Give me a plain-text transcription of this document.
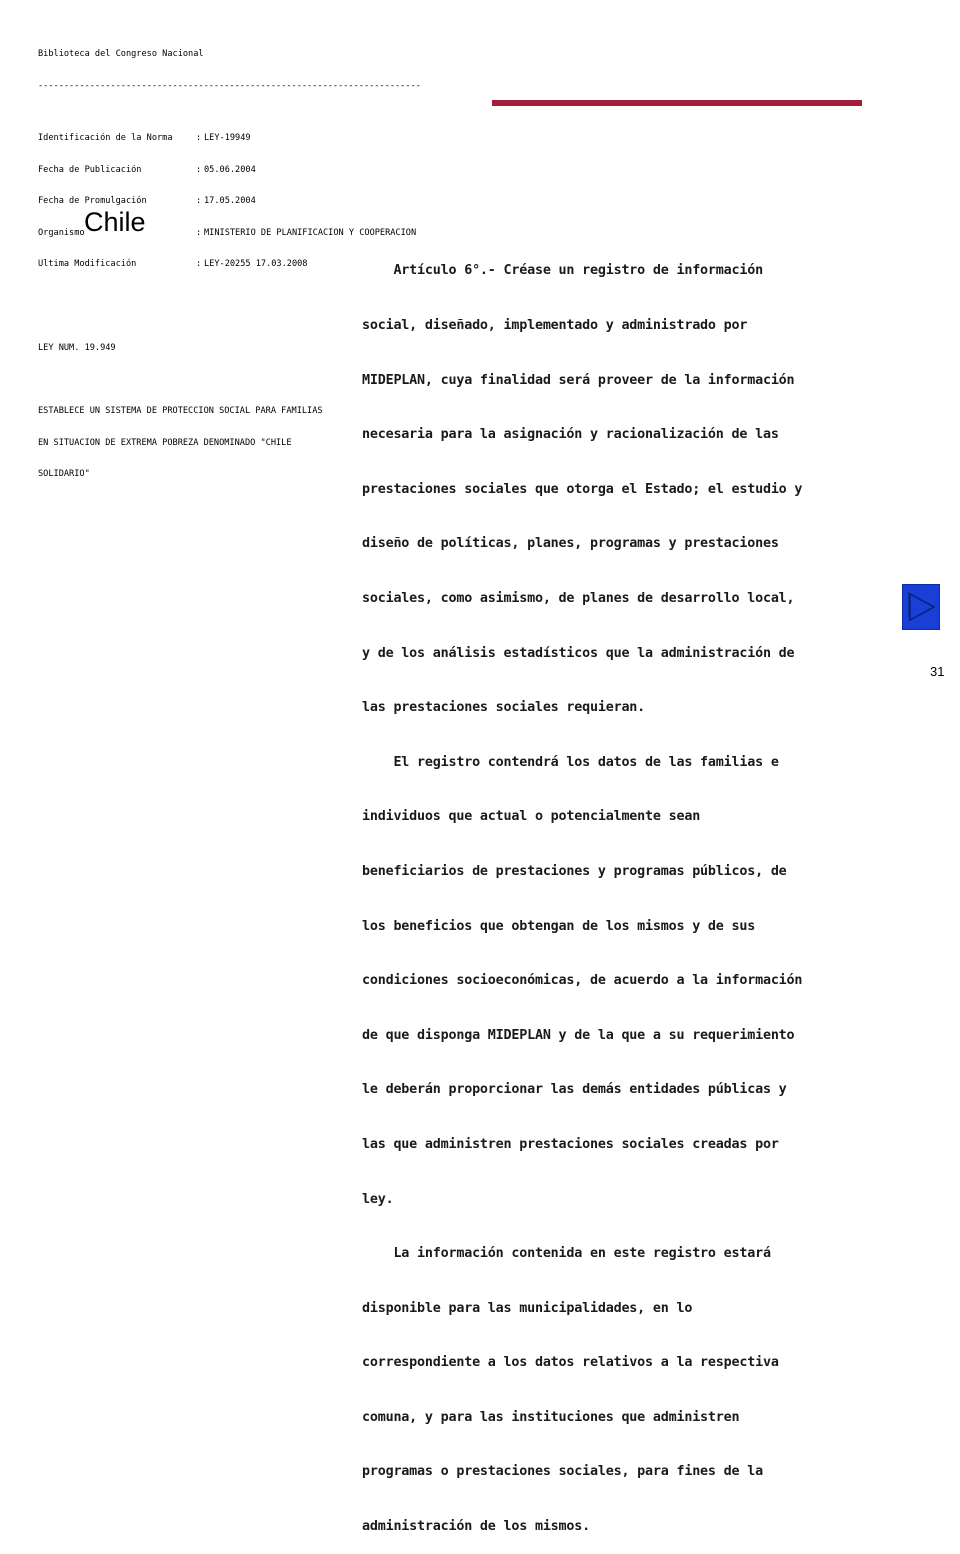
Biblioteca del Congreso Nacional

--------------------------------------------------------------------------

Identificación de la Norma	: LEY-19949

Fecha de Publicación	: 05.06.2004

Fecha de Promulgación	: 17.05.2004

Organismo	: MINISTERIO DE PLANIFICACION Y COOPERACION

Ultima Modificación	: LEY-20255 17.03.2008

LEY NUM. 19.949

ESTABLECE UN SISTEMA DE PROTECCION SOCIAL PARA FAMILIAS

EN SITUACION DE EXTREMA POBREZA DENOMINADO "CHILE

SOLIDARIO"

Chile

Artículo 6°.- Créase un registro de información

social, diseñado, implementado y administrado por

MIDEPLAN, cuya finalidad será proveer de la información

necesaria para la asignación y racionalización de las

prestaciones sociales que otorga el Estado; el estudio y

diseño de políticas, planes, programas y prestaciones

sociales, como asimismo, de planes de desarrollo local,

y de los análisis estadísticos que la administración de

las prestaciones sociales requieran.

El registro contendrá los datos de las familias e

individuos que actual o potencialmente sean

beneficiarios de prestaciones y programas públicos, de

los beneficios que obtengan de los mismos y de sus

condiciones socioeconómicas, de acuerdo a la información

de que disponga MIDEPLAN y de la que a su requerimiento

le deberán proporcionar las demás entidades públicas y

las que administren prestaciones sociales creadas por

ley.

La información contenida en este registro estará

disponible para las municipalidades, en lo

correspondiente a los datos relativos a la respectiva

comuna, y para las instituciones que administren

programas o prestaciones sociales, para fines de la

administración de los mismos.

31
